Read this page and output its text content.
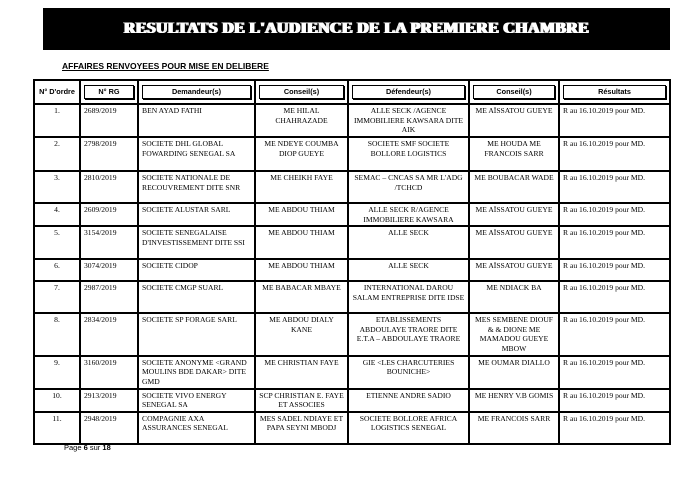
RESULTATS DE L'AUDIENCE DE LA PREMIERE CHAMBRE
AFFAIRES RENVOYEES POUR MISE EN DELIBERE
N° D'ordre	N° RG	Demandeur(s)	Conseil(s)	Défendeur(s)	Conseil(s)	Résultats

1.	2689/2019	BEN AYAD FATHI	ME HILAL CHAHRAZADE	ALLE SECK /AGENCE IMMOBILIERE KAWSARA DITE AIK	ME AÏSSATOU GUEYE	R au 16.10.2019 pour MD.
2.	2798/2019	SOCIETE DHL GLOBAL FOWARDING SENEGAL SA	ME NDEYE COUMBA DIOP GUEYE	SOCIETE SMF SOCIETE BOLLORE LOGISTICS	ME HOUDA ME FRANCOIS SARR	R au 16.10.2019 pour MD.
3.	2810/2019	SOCIETE NATIONALE DE RECOUVREMENT DITE SNR	ME CHEIKH FAYE	SEMAC – CNCAS SA MR L'ADG /TCHCD	ME BOUBACAR WADE	R au 16.10.2019 pour MD.
4.	2609/2019	SOCIETE ALUSTAR SARL	ME ABDOU THIAM	ALLE SECK R/AGENCE IMMOBILIERE KAWSARA	ME AÏSSATOU GUEYE	R au 16.10.2019 pour MD.
5.	3154/2019	SOCIETE SENEGALAISE D'INVESTISSEMENT DITE SSI	ME ABDOU THIAM	ALLE SECK	ME AÏSSATOU GUEYE	R au 16.10.2019 pour MD.
6.	3074/2019	SOCIETE CIDOP	ME ABDOU THIAM	ALLE SECK	ME AÏSSATOU GUEYE	R au 16.10.2019 pour MD.
7.	2987/2019	SOCIETE CMGP SUARL	ME BABACAR MBAYE	INTERNATIONAL DAROU SALAM ENTREPRISE DITE IDSE	ME NDIACK BA	R au 16.10.2019 pour MD.
8.	2834/2019	SOCIETE SP FORAGE SARL	ME ABDOU DIALY KANE	ETABLISSEMENTS ABDOULAYE TRAORE DITE E.T.A – ABDOULAYE TRAORE	MES SEMBENE DIOUF & & DIONE ME MAMADOU GUEYE MBOW	R au 16.10.2019 pour MD.
9.	3160/2019	SOCIETE ANONYME <GRAND MOULINS BDE DAKAR> DITE GMD	ME CHRISTIAN FAYE	GIE <LES CHARCUTERIES BOUNICHE>	ME OUMAR DIALLO	R au 16.10.2019 pour MD.
10.	2913/2019	SOCIETE VIVO ENERGY SENEGAL SA	SCP CHRISTIAN E. FAYE ET ASSOCIES	ETIENNE ANDRE SADIO	ME HENRY V.B GOMIS	R au 16.10.2019 pour MD.
11.	2948/2019	COMPAGNIE AXA ASSURANCES SENEGAL	MES SADEL NDIAYE ET PAPA SEYNI MBODJ	SOCIETE BOLLORE AFRICA LOGISTICS SENEGAL	ME FRANCOIS SARR	R au 16.10.2019 pour MD.
Page 6 sur 18
